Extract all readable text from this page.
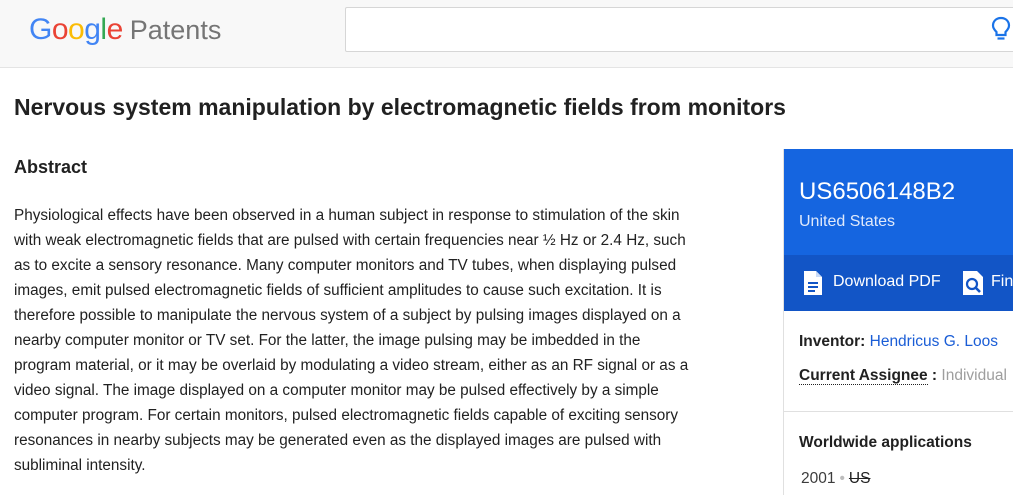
Google Patents
Nervous system manipulation by electromagnetic fields from monitors
Abstract

Physiological effects have been observed in a human subject in response to stimulation of the skin with weak electromagnetic fields that are pulsed with certain frequencies near ½ Hz or 2.4 Hz, such as to excite a sensory resonance. Many computer monitors and TV tubes, when displaying pulsed images, emit pulsed electromagnetic fields of sufficient amplitudes to cause such excitation. It is therefore possible to manipulate the nervous system of a subject by pulsing images displayed on a nearby computer monitor or TV set. For the latter, the image pulsing may be imbedded in the program material, or it may be overlaid by modulating a video stream, either as an RF signal or as a video signal. The image displayed on a computer monitor may be pulsed effectively by a simple computer program. For certain monitors, pulsed electromagnetic fields capable of exciting sensory resonances in nearby subjects may be generated even as the displayed images are pulsed with subliminal intensity.

US6506148B2
United States
Download PDF	Fin
Inventor: Hendricus G. Loos
Current Assignee : Individual
Worldwide applications
2001 • US
